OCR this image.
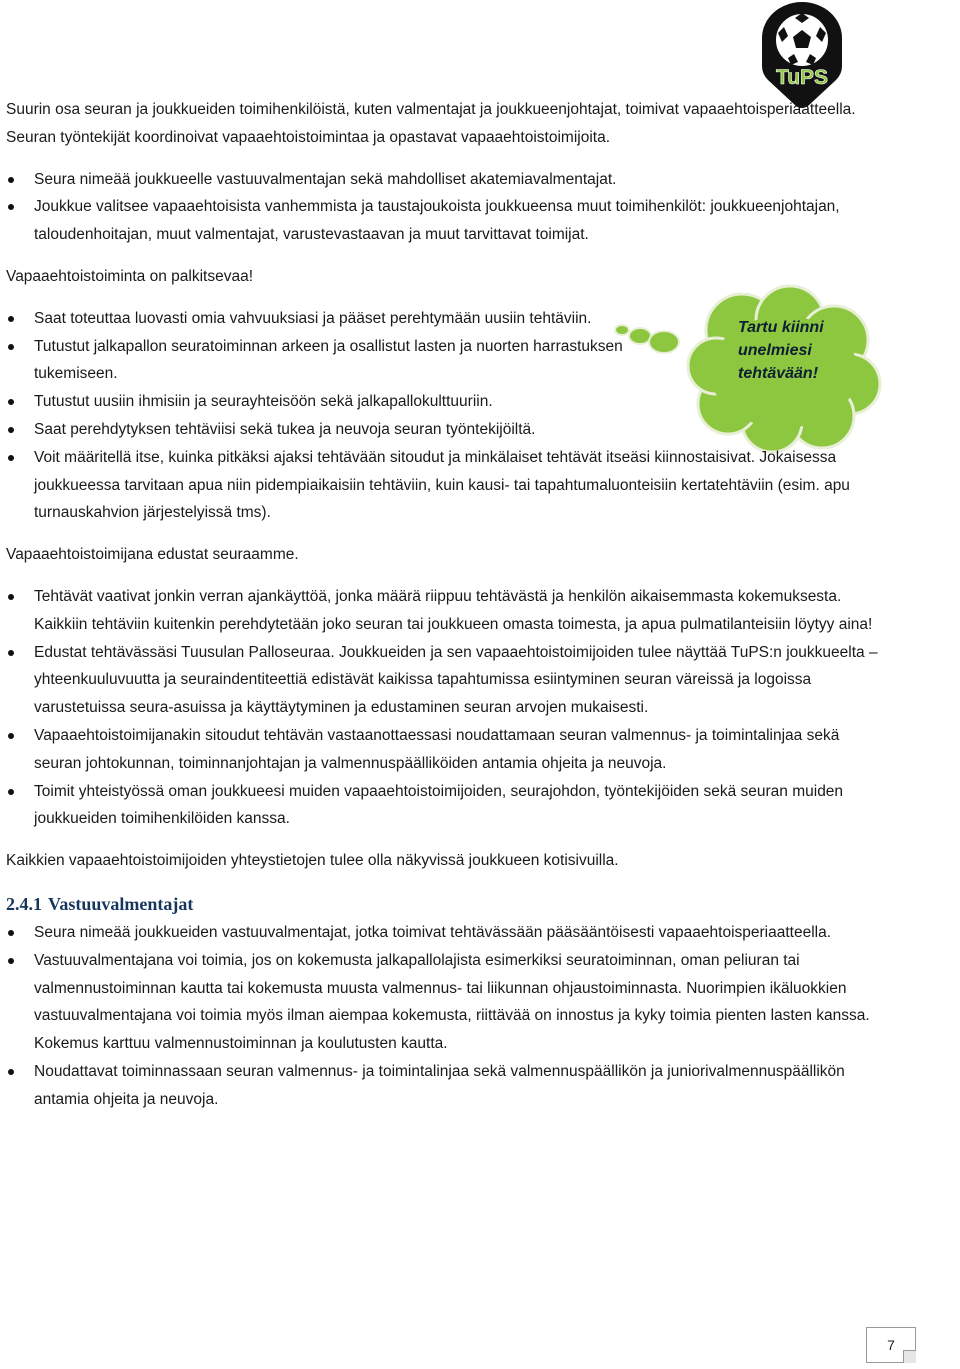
TuPS
Tartu kiinni
unelmiesi
tehtävään!

Suurin osa seuran ja joukkueiden toimihenkilöistä, kuten valmentajat ja joukkueenjohtajat, toimivat vapaaehtoisperiaatteella. Seuran työntekijät koordinoivat vapaaehtoistoimintaa ja opastavat vapaaehtoistoimijoita.

Seura nimeää joukkueelle vastuuvalmentajan sekä mahdolliset akatemiavalmentajat.
Joukkue valitsee vapaaehtoisista vanhemmista ja taustajoukoista joukkueensa muut toimihenkilöt: joukkueenjohtajan, taloudenhoitajan, muut valmentajat, varustevastaavan ja muut tarvittavat toimijat.

Vapaaehtoistoiminta on palkitsevaa!

Saat toteuttaa luovasti omia vahvuuksiasi ja pääset perehtymään uusiin tehtäviin.
Tutustut jalkapallon seuratoiminnan arkeen ja osallistut lasten ja nuorten harrastuksen tukemiseen.
Tutustut uusiin ihmisiin ja seurayhteisöön sekä jalkapallokulttuuriin.
Saat perehdytyksen tehtäviisi sekä tukea ja neuvoja seuran työntekijöiltä.
Voit määritellä itse, kuinka pitkäksi ajaksi tehtävään sitoudut ja minkälaiset tehtävät itseäsi kiinnostaisivat. Jokaisessa joukkueessa tarvitaan apua niin pidempiaikaisiin tehtäviin, kuin kausi- tai tapahtumaluonteisiin kertatehtäviin (esim. apu turnauskahvion järjestelyissä tms).

Vapaaehtoistoimijana edustat seuraamme.

Tehtävät vaativat jonkin verran ajankäyttöä, jonka määrä riippuu tehtävästä ja henkilön aikaisemmasta kokemuksesta. Kaikkiin tehtäviin kuitenkin perehdytetään joko seuran tai joukkueen omasta toimesta, ja apua pulmatilanteisiin löytyy aina!
Edustat tehtävässäsi Tuusulan Palloseuraa. Joukkueiden ja sen vapaaehtoistoimijoiden tulee näyttää TuPS:n joukkueelta – yhteenkuuluvuutta ja seuraindentiteettiä edistävät kaikissa tapahtumissa esiintyminen seuran väreissä ja logoissa varustetuissa seura-asuissa ja käyttäytyminen ja edustaminen seuran arvojen mukaisesti.
Vapaaehtoistoimijanakin sitoudut tehtävän vastaanottaessasi noudattamaan seuran valmennus- ja toimintalinjaa sekä seuran johtokunnan, toiminnanjohtajan ja valmennuspäälliköiden antamia ohjeita ja neuvoja.
Toimit yhteistyössä oman joukkueesi muiden vapaaehtoistoimijoiden, seurajohdon, työntekijöiden sekä seuran muiden joukkueiden toimihenkilöiden kanssa.

Kaikkien vapaaehtoistoimijoiden yhteystietojen tulee olla näkyvissä joukkueen kotisivuilla.

2.4.1 Vastuuvalmentajat
Seura nimeää joukkueiden vastuuvalmentajat, jotka toimivat tehtävässään pääsääntöisesti vapaaehtoisperiaatteella.
Vastuuvalmentajana voi toimia, jos on kokemusta jalkapallolajista esimerkiksi seuratoiminnan, oman peliuran tai valmennustoiminnan kautta tai kokemusta muusta valmennus- tai liikunnan ohjaustoiminnasta. Nuorimpien ikäluokkien vastuuvalmentajana voi toimia myös ilman aiempaa kokemusta, riittävää on innostus ja kyky toimia pienten lasten kanssa. Kokemus karttuu valmennustoiminnan ja koulutusten kautta.
Noudattavat toiminnassaan seuran valmennus- ja toimintalinjaa sekä valmennuspäällikön ja juniorivalmennuspäällikön antamia ohjeita ja neuvoja.
7
